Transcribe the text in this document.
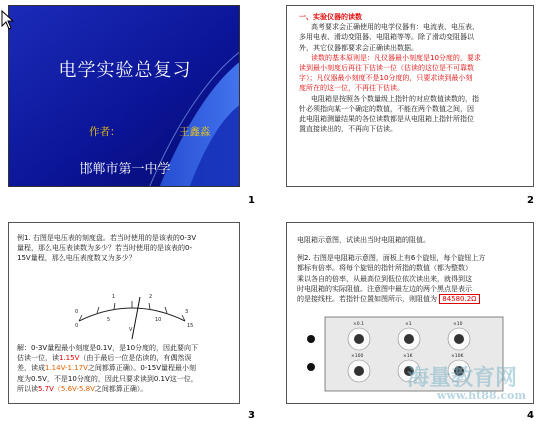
电学实验总复习
作者：	王鑫淼
邯郸市第一中学
1
一、实验仪器的读数
高考要求会正确使用的电学仪器有：电流表、电压表、
多用电表、滑动变阻器、电阻箱等等。除了滑动变阻器以
外，其它仪器都要求会正确读出数据。
读数的基本原则是：凡仪器最小刻度是10分度的，要求
读到最小刻度后再往下估读一位（估读的这位是不可靠数
字）；凡仪器最小刻度不是10分度的，只要求读到最小刻
度所在的这一位，不再往下估读。
电阻箱是按照各个数量级上指针的对应数值读数的，指
针必须指向某一个确定的数值，不能在两个数值之间，因
此电阻箱测量结果的各位读数都是从电阻箱上指针所指位
置直接读出的，不再向下估读。
2
例1. 右图是电压表的刻度盘。若当时使用的是该表的0-3V
量程，那么电压表读数为多少？若当时使用的是该表的0-
15V量程，那么电压表度数又为多少？
0
1	2
3
0
5	10
15
V
解：0-3V量程最小刻度是0.1V，是10分度的，因此要向下
估读一位，读1.15V（由于最后一位是估读的，有偶然误
差，读成1.14V-1.17V之间都算正确）。0-15V量程最小刻
度为0.5V，不是10分度的，因此只要求读到0.1V这一位，
所以读5.7V（5.6V-5.8V之间都算正确）。
3
电阻箱示意图，试读出当时电阻箱的阻值。
例2. 右图是电阻箱示意图，面板上有6个旋钮，每个旋钮上方
都标有倍率。将每个旋钮的指针所指的数值（都为整数）
乘以各自的倍率，从最高位到低位依次读出来，就得到这
时电阻箱的实际阻值。注意图中最左边的两个黑点是表示
的是接线柱。若指针位置如图所示，则阻值为 84580.2Ω
×0.1	×1	×10
×100	×1K	×10K
海量教育网
www.ht88.com
4
